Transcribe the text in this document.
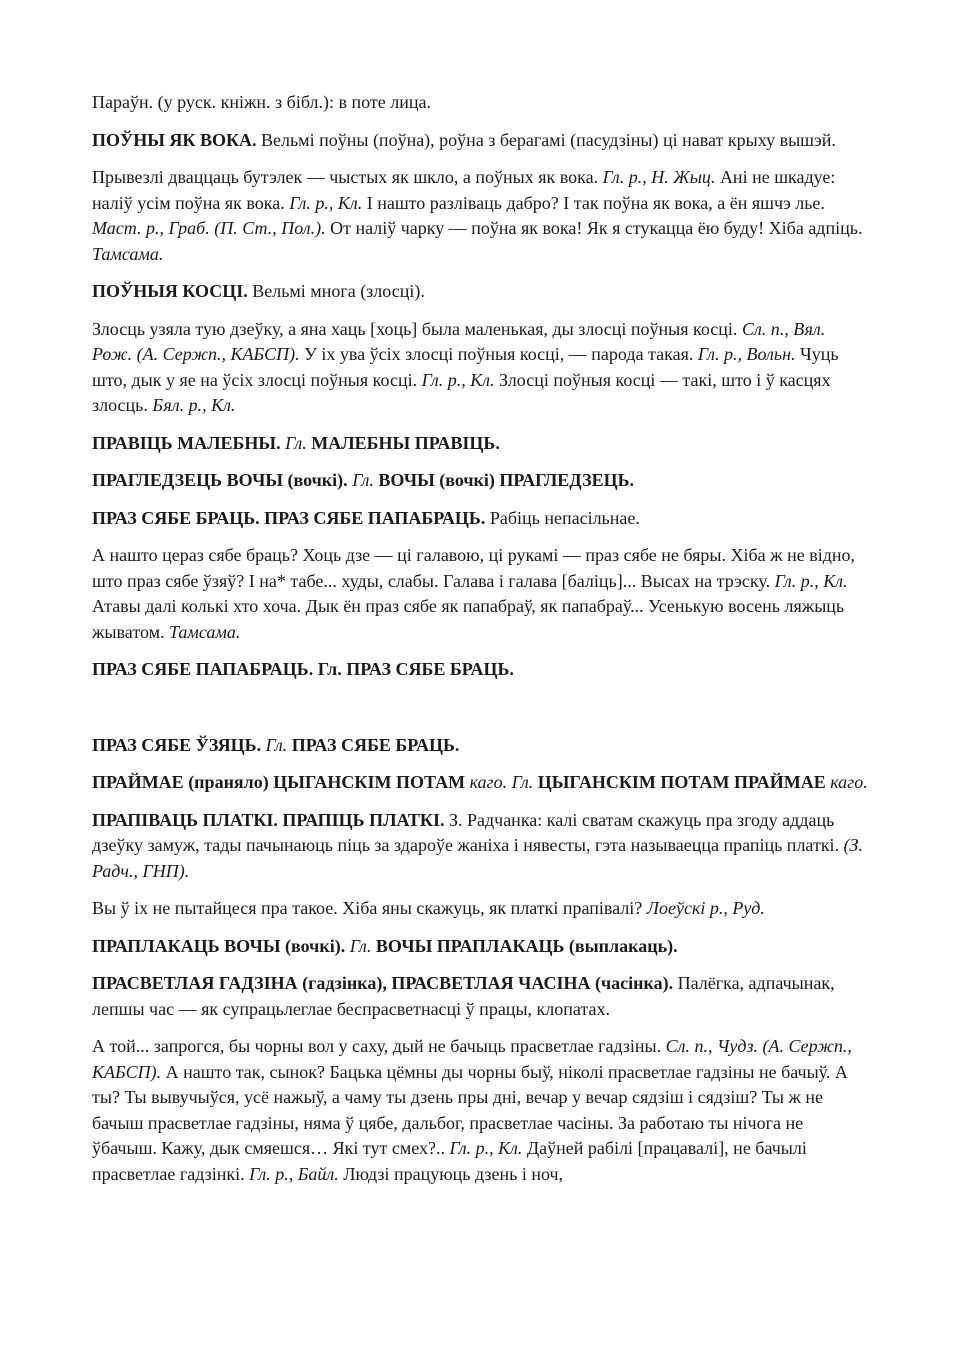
Параўн. (у руск. кніжн. з бібл.): в поте лица.

ПОЎНЫ ЯК ВОКА. Вельмі поўны (поўна), роўна з берагамі (пасудзіны) ці нават крыху вышэй.

Прывезлі дваццаць бутэлек — чыстых як шкло, а поўных як вока. Гл. р., Н. Жыц. Ані не шкадуе: наліў усім поўна як вока. Гл. р., Кл. І нашто разліваць дабро? І так поўна як вока, а ён яшчэ лье. Маст. р., Граб. (П. Ст., Пол.). От наліў чарку — поўна як вока! Як я стукацца ёю буду! Хіба адпіць. Тамсама.

ПОЎНЫЯ КОСЦІ. Вельмі многа (злосці).

Злосць узяла тую дзеўку, а яна хаць [хоць] была маленькая, ды злосці поўныя косці. Сл. п., Вял. Рож. (А. Сержп., КАБСП). У іх ува ўсіх злосці поўныя косці, — парода такая. Гл. р., Вольн. Чуць што, дык у яе на ўсіх злосці поўныя косці. Гл. р., Кл. Злосці поўныя косці — такі, што і ў касцях злосць. Бял. р., Кл.

ПРАВІЦЬ МАЛЕБНЫ. Гл. МАЛЕБНЫ ПРАВІЦЬ.

ПРАГЛЕДЗЕЦЬ ВОЧЫ (вочкі). Гл. ВОЧЫ (вочкі) ПРАГЛЕДЗЕЦЬ.

ПРАЗ СЯБЕ БРАЦЬ. ПРАЗ СЯБЕ ПАПАБРАЦЬ. Рабіць непасільнае.

А нашто цераз сябе браць? Хоць дзе — ці галавою, ці рукамі — праз сябе не бяры. Хіба ж не відно, што праз сябе ўзяў? І на* табе... худы, слабы. Галава і галава [баліць]... Высах на трэску. Гл. р., Кл. Атавы далі колькі хто хоча. Дык ён праз сябе як папабраў, як папабраў... Усенькую восень ляжыць жыватом. Тамсама.

ПРАЗ СЯБЕ ПАПАБРАЦЬ. Гл. ПРАЗ СЯБЕ БРАЦЬ.

ПРАЗ СЯБЕ ЎЗЯЦЬ. Гл. ПРАЗ СЯБЕ БРАЦЬ.

ПРАЙМАЕ (праняло) ЦЫГАНСКІМ ПОТАМ каго. Гл. ЦЫГАНСКІМ ПОТАМ ПРАЙМАЕ каго.

ПРАПІВАЦЬ ПЛАТКІ. ПРАПІЦЬ ПЛАТКІ. З. Радчанка: калі сватам скажуць пра згоду аддаць дзеўку замуж, тады пачынаюць піць за здароўе жаніха і нявесты, гэта называецца прапіць платкі. (З. Радч., ГНП).

Вы ў іх не пытайцеся пра такое. Хіба яны скажуць, як платкі прапівалі? Лоеўскі р., Руд.

ПРАПЛАКАЦЬ ВОЧЫ (вочкі). Гл. ВОЧЫ ПРАПЛАКАЦЬ (выплакаць).

ПРАСВЕТЛАЯ ГАДЗІНА (гадзінка), ПРАСВЕТЛАЯ ЧАСІНА (часінка). Палёгка, адпачынак, лепшы час — як супрацьлеглае беспрасветнасці ў працы, клопатах.

А той... запрогся, бы чорны вол у саху, дый не бачыць прасветлае гадзіны. Сл. п., Чудз. (А. Сержп., КАБСП). А нашто так, сынок? Бацька цёмны ды чорны быў, ніколі прасветлае гадзіны не бачыў. А ты? Ты вывучыўся, усё нажыў, а чаму ты дзень пры дні, вечар у вечар сядзіш і сядзіш? Ты ж не бачыш прасветлае гадзіны, няма ў цябе, дальбог, прасветлае часіны. За работаю ты нічога не ўбачыш. Кажу, дык смяешся… Які тут смех?.. Гл. р., Кл. Даўней рабілі [працавалі], не бачылі прасветлае гадзінкі. Гл. р., Байл. Людзі працуюць дзень і ноч,
